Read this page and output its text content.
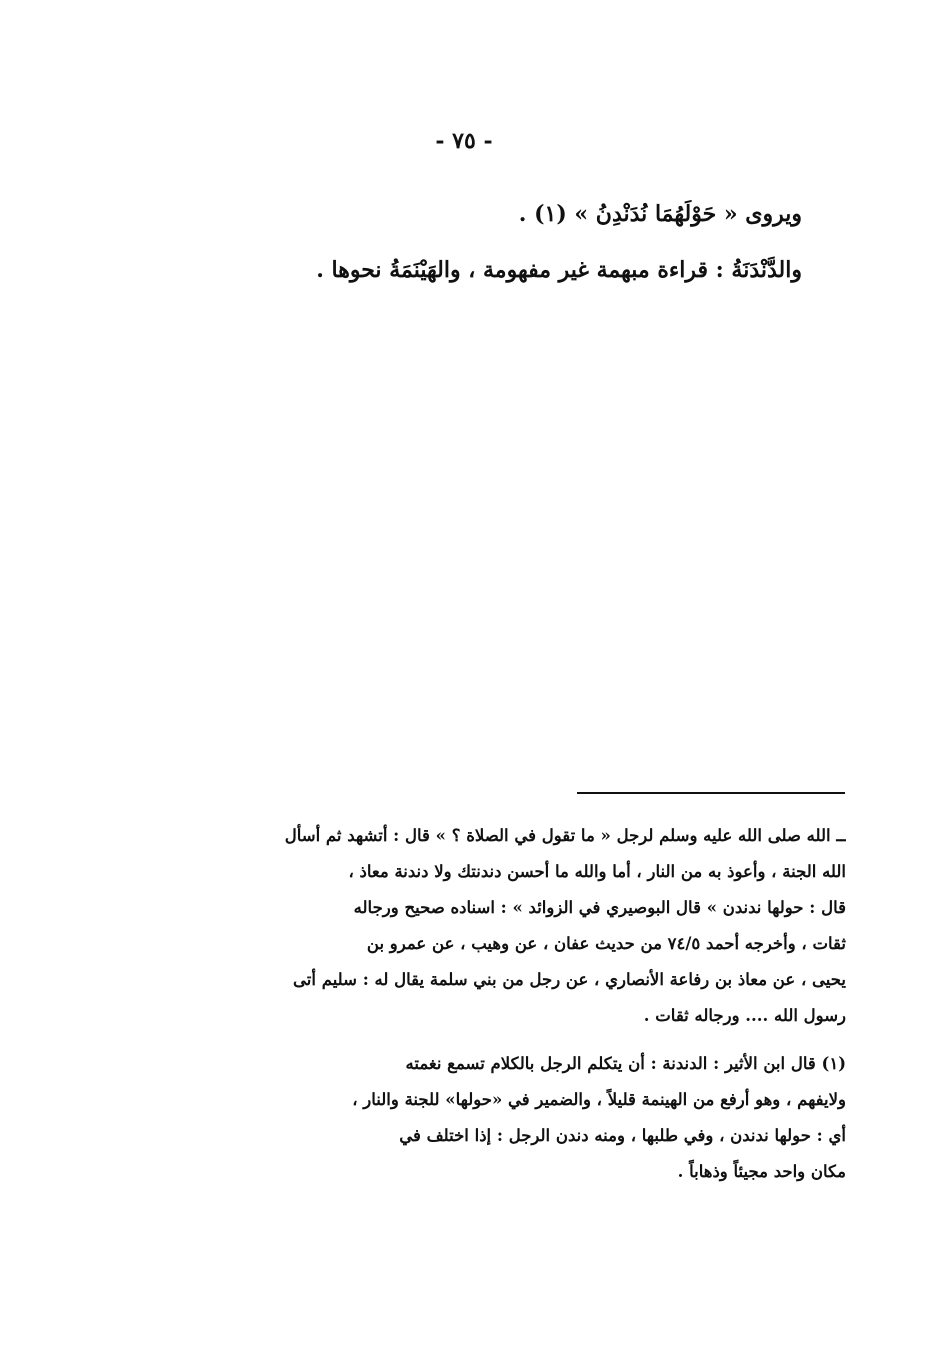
- ٧٥ -

ويروى « حَوْلَهُمَا نُدَنْدِنُ » (١) .

والدَّنْدَنَةُ : قراءة مبهمة غير مفهومة ، والهَيْنَمَةُ نحوها .

ــ الله صلى الله عليه وسلم لرجل « ما تقول في الصلاة ؟ » قال : أتشهد ثم أسأل

الله الجنة ، وأعوذ به من النار ، أما والله ما أحسن دندنتك ولا دندنة معاذ ،

قال : حولها ندندن » قال البوصيري في الزوائد » : اسناده صحيح ورجاله

ثقات ، وأخرجه أحمد ٧٤/٥ من حديث عفان ، عن وهيب ، عن عمرو بن

يحيى ، عن معاذ بن رفاعة الأنصاري ، عن رجل من بني سلمة يقال له : سليم أتى

رسول الله .... ورجاله ثقات .

(١) قال ابن الأثير : الدندنة : أن يتكلم الرجل بالكلام تسمع نغمته

ولايفهم ، وهو أرفع من الهينمة قليلاً ، والضمير في «حولها» للجنة والنار ،

أي : حولها ندندن ، وفي طلبها ، ومنه دندن الرجل : إذا اختلف في

مكان واحد مجيئاً وذهاباً .
